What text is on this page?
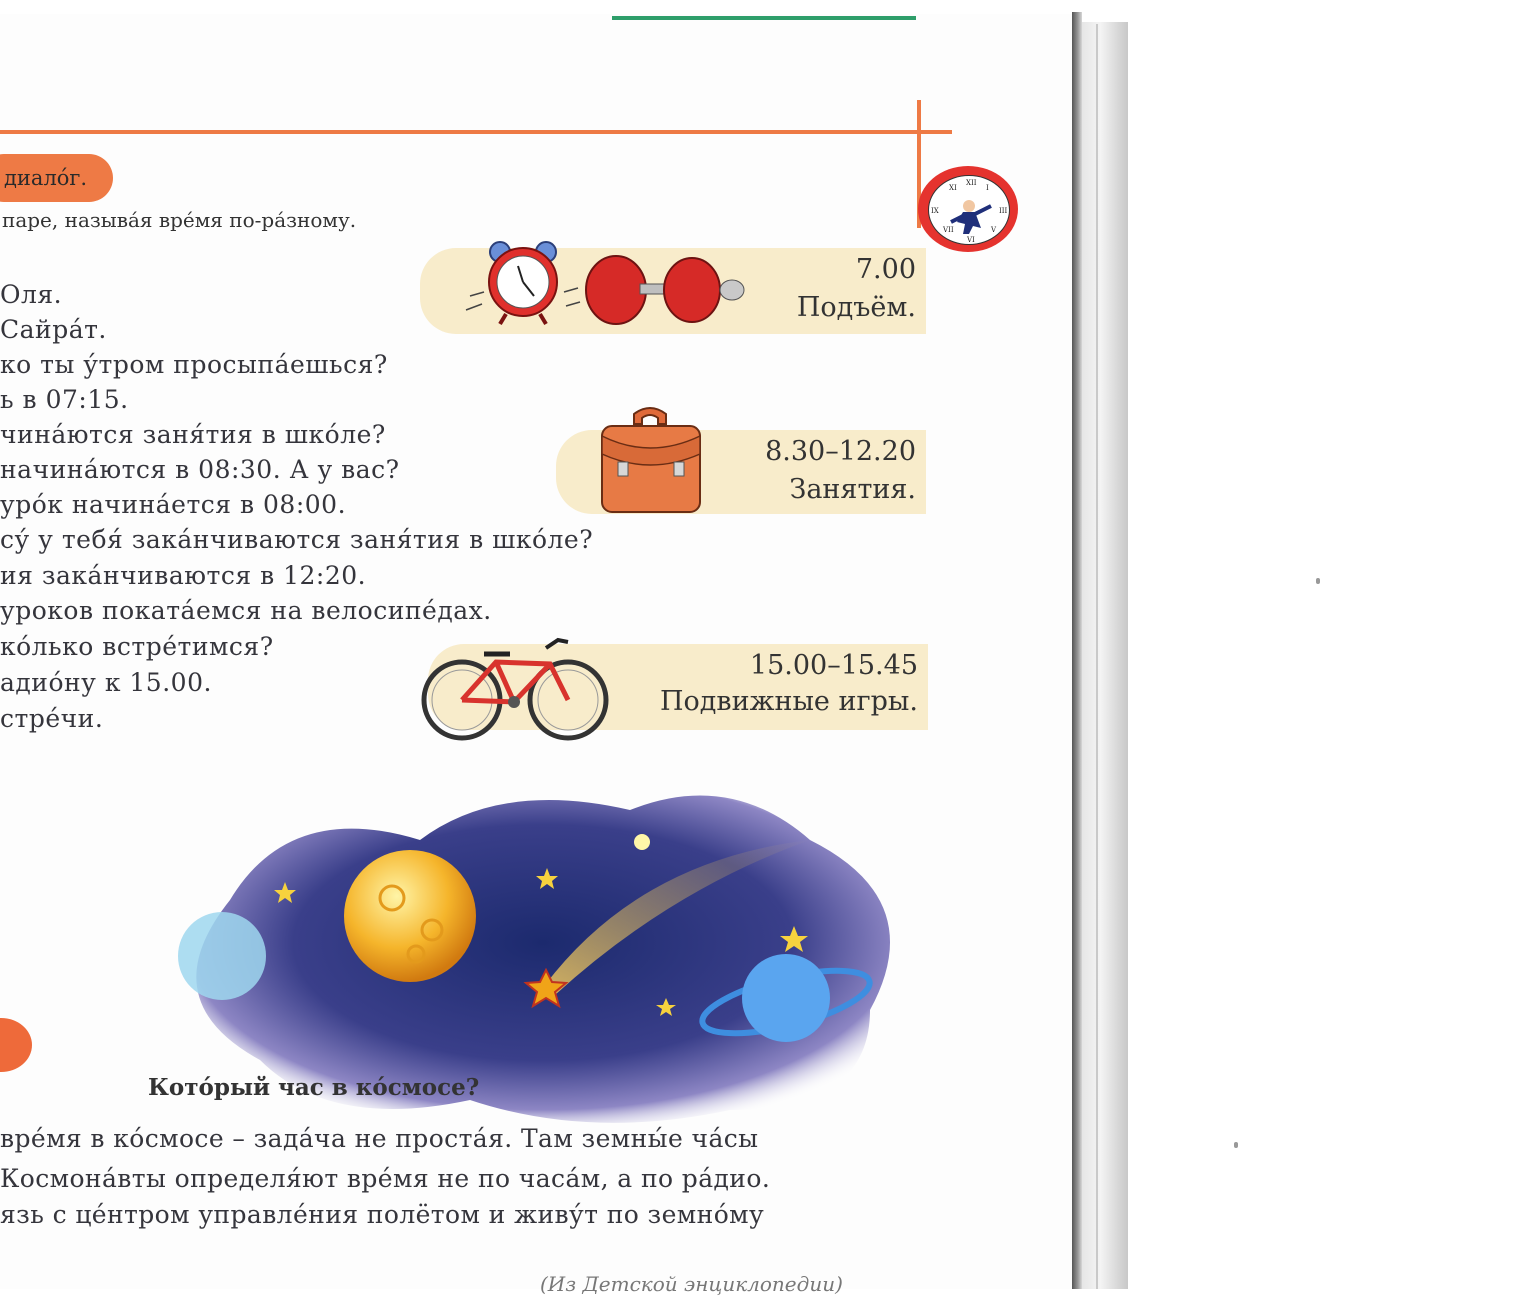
диало́г.
паре, называ́я вре́мя по-ра́зному.
XII
III
VI
IX
I
XI
V
VII
Оля.
Сайра́т.
ко ты у́тром просыпа́ешься?
ь в 07:15.
чина́ются заня́тия в шко́ле?
начина́ются в 08:30. А у вас?
уро́к начина́ется в 08:00.
су́ у тебя́ зака́нчиваются заня́тия в шко́ле?
ия зака́нчиваются в 12:20.
уроков поката́емся на велосипе́дах.
ко́лько встре́тимся?
адио́ну к 15.00.
стре́чи.
7.00
Подъём.
8.30–12.20
Занятия.
15.00–15.45
Подвижные игры.
Кото́рый час в ко́смосе?
вре́мя в ко́смосе – зада́ча не проста́я. Там земны́е ча́сы
Космона́вты определя́ют вре́мя не по часа́м, а по ра́дио.
язь с це́нтром управле́ния полётом и живу́т по земно́му
(Из Детской энциклопедии)
